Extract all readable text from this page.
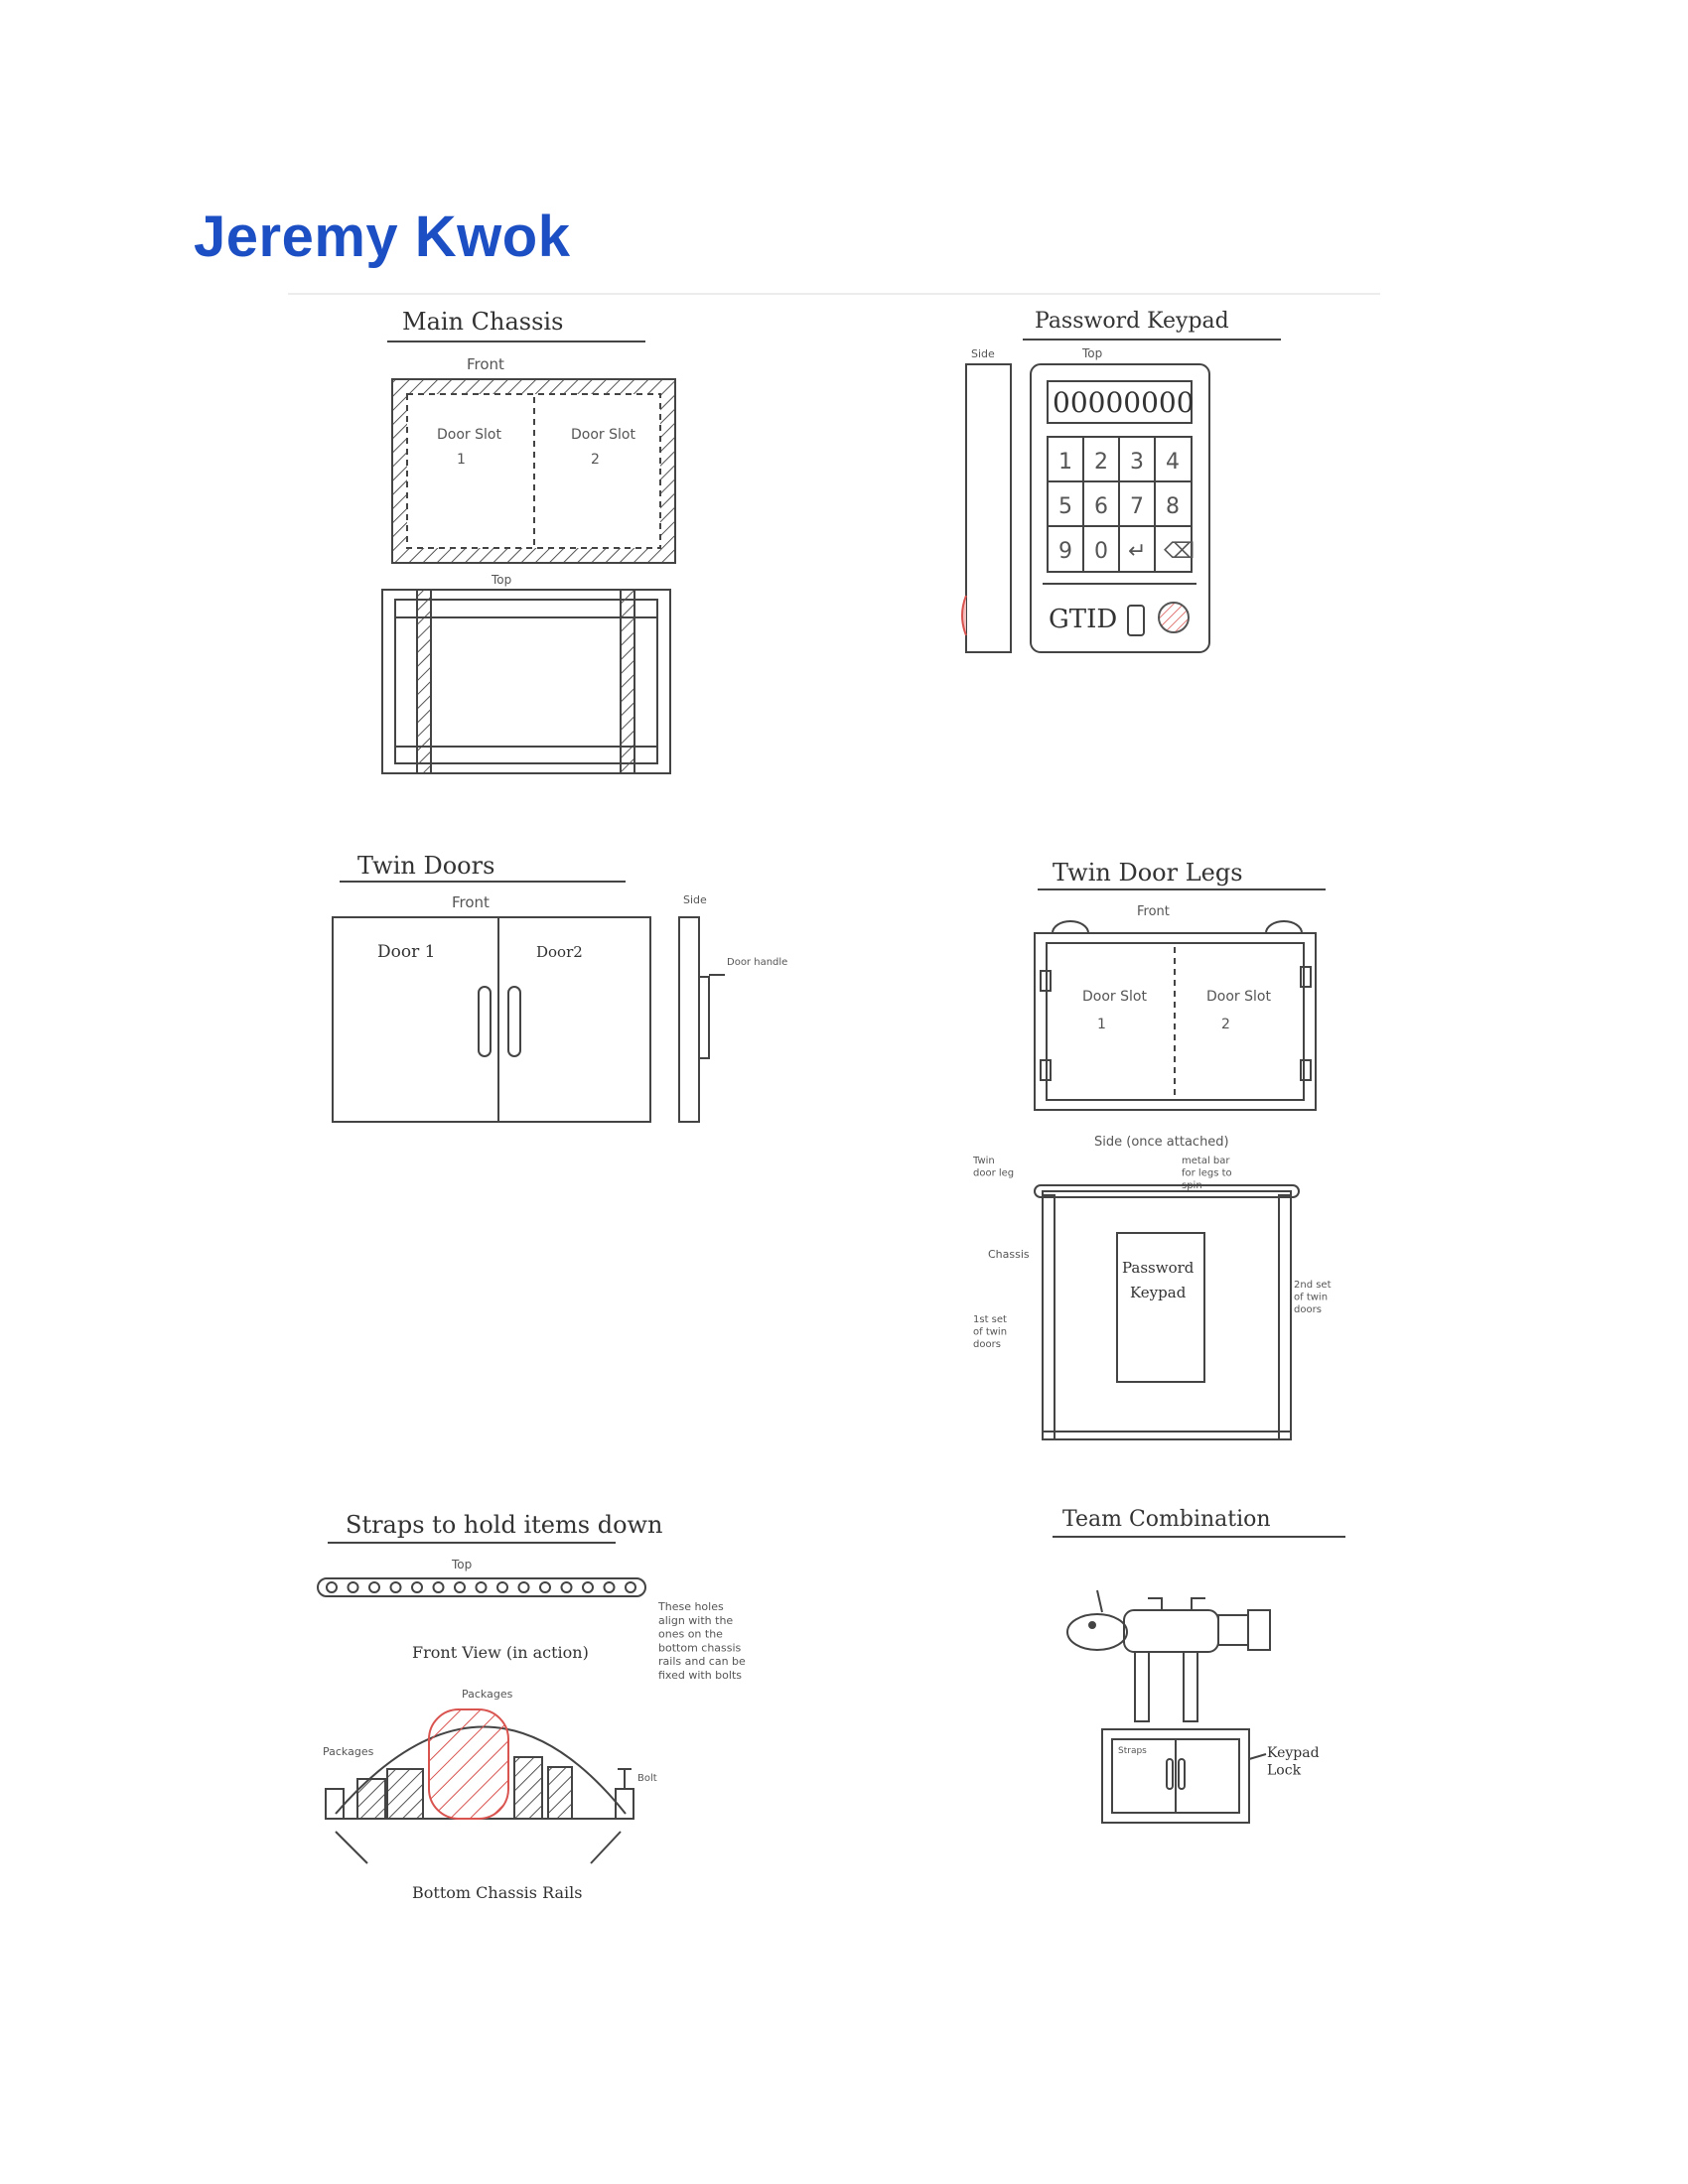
Jeremy Kwok
Main Chassis
Front
Door Slot
1
Door Slot
2
Top
Password Keypad
Side	Top
00000000
1 2 3 4
5 6 7 8
9 0 ↵ ⌫
GTID
Twin Doors
Front	Side
Door 1	Door2
Door handle
Twin Door Legs
Front
Door Slot
1
Door Slot
2
Side (once attached)
Twin door leg
metal bar for legs to spin
Password
Keypad
Chassis
1st set of twin doors
2nd set of twin doors
Straps to hold items down
Top
Front View (in action)
These holes align with the ones on the bottom chassis rails and can be fixed with bolts
Packages
Packages
Bolt
Bottom Chassis Rails
Team Combination
Straps	Keypad Lock
